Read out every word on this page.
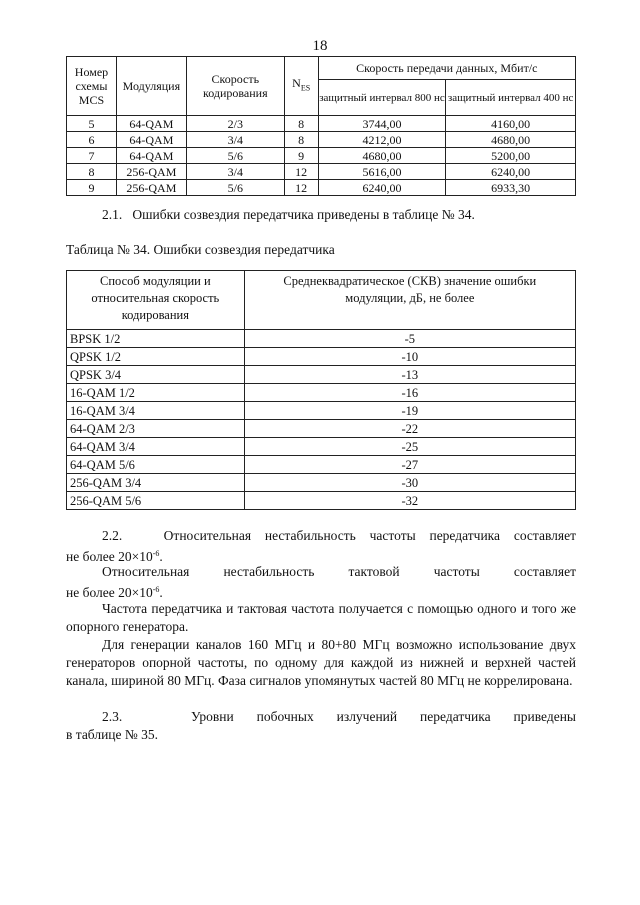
18
Номер схемы MCS	Модуляция	Скорость кодирования	$N_{ES}$	Скорость передачи данных, Мбит/с	
				защитный интервал 800 нс	защитный интервал 400 нс
5	64-QAM	2/3	8	3744,00	4160,00
6	64-QAM	3/4	8	4212,00	4680,00
7	64-QAM	5/6	9	4680,00	5200,00
8	256-QAM	3/4	12	5616,00	6240,00
9	256-QAM	5/6	12	6240,00	6933,30
2.1.   Ошибки созвездия передатчика приведены в таблице № 34.
Таблица № 34. Ошибки созвездия передатчика
Способ модуляции и относительная скорость кодирования	Среднеквадратическое (СКВ) значение ошибки модуляции, дБ, не более
BPSK 1/2	-5
QPSK 1/2	-10
QPSK 3/4	-13
16-QAM 1/2	-16
16-QAM 3/4	-19
64-QAM 2/3	-22
64-QAM 3/4	-25
64-QAM 5/6	-27
256-QAM 3/4	-30
256-QAM 5/6	-32
2.2.   Относительная нестабильность частоты передатчика составляет
не более $20\times 10^{-6}$.
Относительная нестабильность тактовой частоты составляет
не более $20\times 10^{-6}$.
Частота передатчика и тактовая частота получается с помощью одного и того же опорного генератора.
Для генерации каналов 160 МГц и 80+80 МГц возможно использование двух генераторов опорной частоты, по одному для каждой из нижней и верхней частей канала, шириной 80 МГц. Фаза сигналов упомянутых частей 80 МГц не коррелирована.
2.3.   Уровни побочных излучений передатчика приведены
в таблице № 35.
